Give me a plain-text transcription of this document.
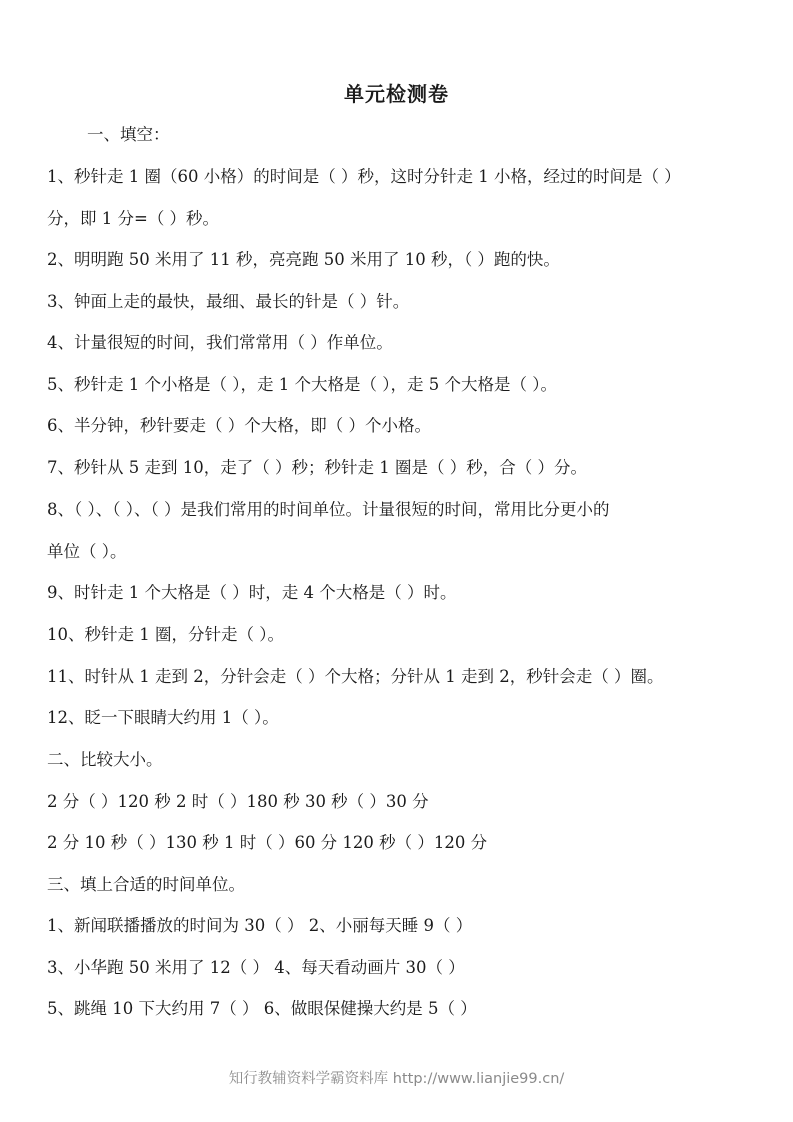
单元检测卷
一、填空：
1、秒针走 1 圈（60 小格）的时间是（ ）秒，这时分针走 1 小格，经过的时间是（ ）
分，即 1 分=（ ）秒。
2、明明跑 50 米用了 11 秒，亮亮跑 50 米用了 10 秒，（ ）跑的快。
3、钟面上走的最快，最细、最长的针是（ ）针。
4、计量很短的时间，我们常常用（ ）作单位。
5、秒针走 1 个小格是（ ），走 1 个大格是（ ），走 5 个大格是（ ）。
6、半分钟，秒针要走（ ）个大格，即（ ）个小格。
7、秒针从 5 走到 10，走了（ ）秒；秒针走 1 圈是（ ）秒，合（ ）分。
8、（ ）、（ ）、（ ）是我们常用的时间单位。计量很短的时间，常用比分更小的
单位（ ）。
9、时针走 1 个大格是（ ）时，走 4 个大格是（ ）时。
10、秒针走 1 圈，分针走（ ）。
11、时针从 1 走到 2，分针会走（ ）个大格；分针从 1 走到 2，秒针会走（ ）圈。
12、眨一下眼睛大约用 1（ ）。
二、比较大小。
2 分（ ）120 秒 2 时（ ）180 秒 30 秒（ ）30 分
2 分 10 秒（ ）130 秒 1 时（ ）60 分 120 秒（ ）120 分
三、填上合适的时间单位。
1、新闻联播播放的时间为 30（ ） 2、小丽每天睡 9（ ）
3、小华跑 50 米用了 12（ ） 4、每天看动画片 30（ ）
5、跳绳 10 下大约用 7（ ） 6、做眼保健操大约是 5（ ）
知行教辅资料学霸资料库 http://www.lianjie99.cn/
